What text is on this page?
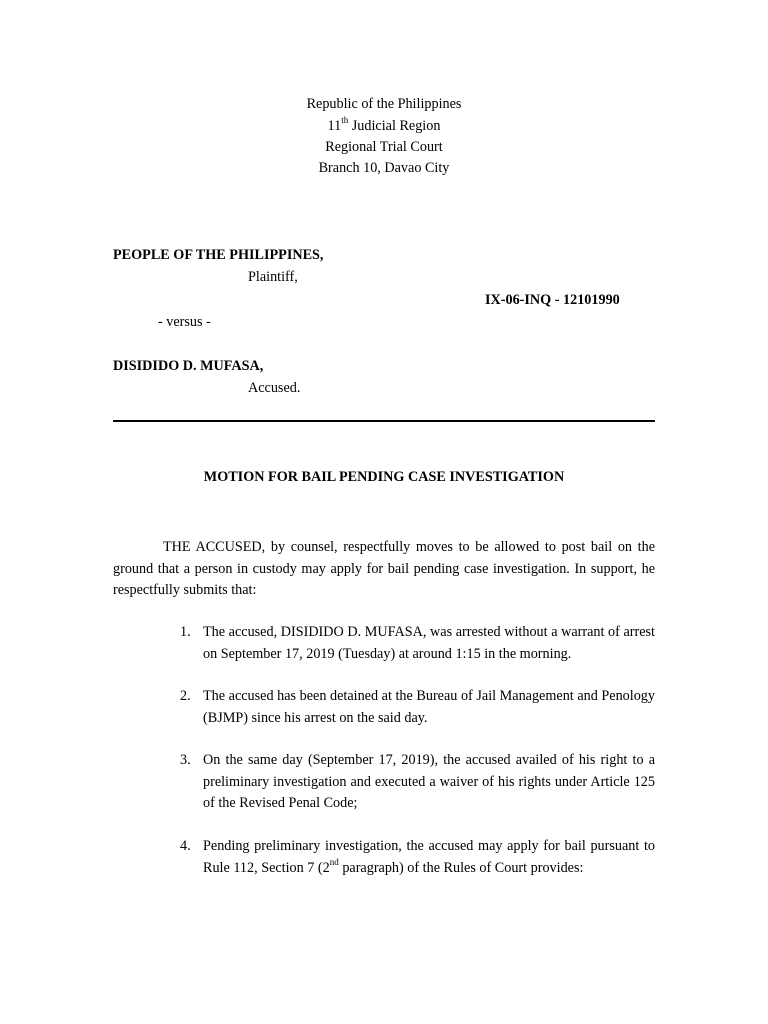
Republic of the Philippines
11th Judicial Region
Regional Trial Court
Branch 10, Davao City
PEOPLE OF THE PHILIPPINES,
Plaintiff,
IX-06-INQ - 12101990
- versus -
DISIDIDO D. MUFASA,
Accused.
MOTION FOR BAIL PENDING CASE INVESTIGATION
THE ACCUSED, by counsel, respectfully moves to be allowed to post bail on the ground that a person in custody may apply for bail pending case investigation. In support, he respectfully submits that:
1. The accused, DISIDIDO D. MUFASA, was arrested without a warrant of arrest on September 17, 2019 (Tuesday) at around 1:15 in the morning.
2. The accused has been detained at the Bureau of Jail Management and Penology (BJMP) since his arrest on the said day.
3. On the same day (September 17, 2019), the accused availed of his right to a preliminary investigation and executed a waiver of his rights under Article 125 of the Revised Penal Code;
4. Pending preliminary investigation, the accused may apply for bail pursuant to Rule 112, Section 7 (2nd paragraph) of the Rules of Court provides:
